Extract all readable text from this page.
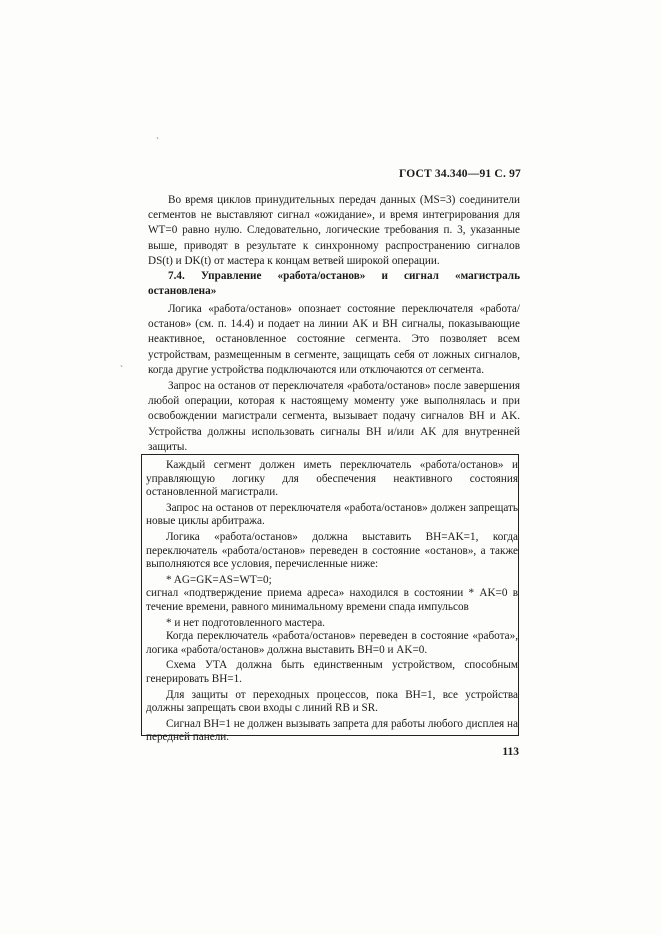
`
`
ГОСТ 34.340—91 С. 97

Во время циклов принудительных передач данных (MS=3) соединители сегментов не выставляют сигнал «ожидание», и время интегрирования для WT=0 равно нулю. Следовательно, логические требования п. 3, указанные выше, приводят в результате к синхронному распространению сигналов DS(t) и DK(t) от мастера к концам ветвей широкой операции.

7.4. Управление «работа/останов» и сигнал «магистраль остановлена»

Логика «работа/останов» опознает состояние переключателя «работа/останов» (см. п. 14.4) и подает на линии AK и BH сигналы, показывающие неактивное, остановленное состояние сегмента. Это позволяет всем устройствам, размещенным в сегменте, защищать себя от ложных сигналов, когда другие устройства подключаются или отключаются от сегмента.

Запрос на останов от переключателя «работа/останов» после завершения любой операции, которая к настоящему моменту уже выполнялась и при освобождении магистрали сегмента, вызывает подачу сигналов BH и AK. Устройства должны использовать сигналы BH и/или AK для внутренней защиты.

Каждый сегмент должен иметь переключатель «работа/останов» и управляющую логику для обеспечения неактивного состояния остановленной магистрали.

Запрос на останов от переключателя «работа/останов» должен запрещать новые циклы арбитража.

Логика «работа/останов» должна выставить BH=AK=1, когда переключатель «работа/останов» переведен в состояние «останов», а также выполняются все условия, перечисленные ниже:

* AG=GK=AS=WT=0;

сигнал «подтверждение приема адреса» находился в состоянии * AK=0 в течение времени, равного минимальному времени спада импульсов

* и нет подготовленного мастера.

Когда переключатель «работа/останов» переведен в состояние «работа», логика «работа/останов» должна выставить BH=0 и AK=0.

Схема УТА должна быть единственным устройством, способным генерировать BH=1.

Для защиты от переходных процессов, пока BH=1, все устройства должны запрещать свои входы с линий RB и SR.

Сигнал BH=1 не должен вызывать запрета для работы любого дисплея на передней панели.

113
